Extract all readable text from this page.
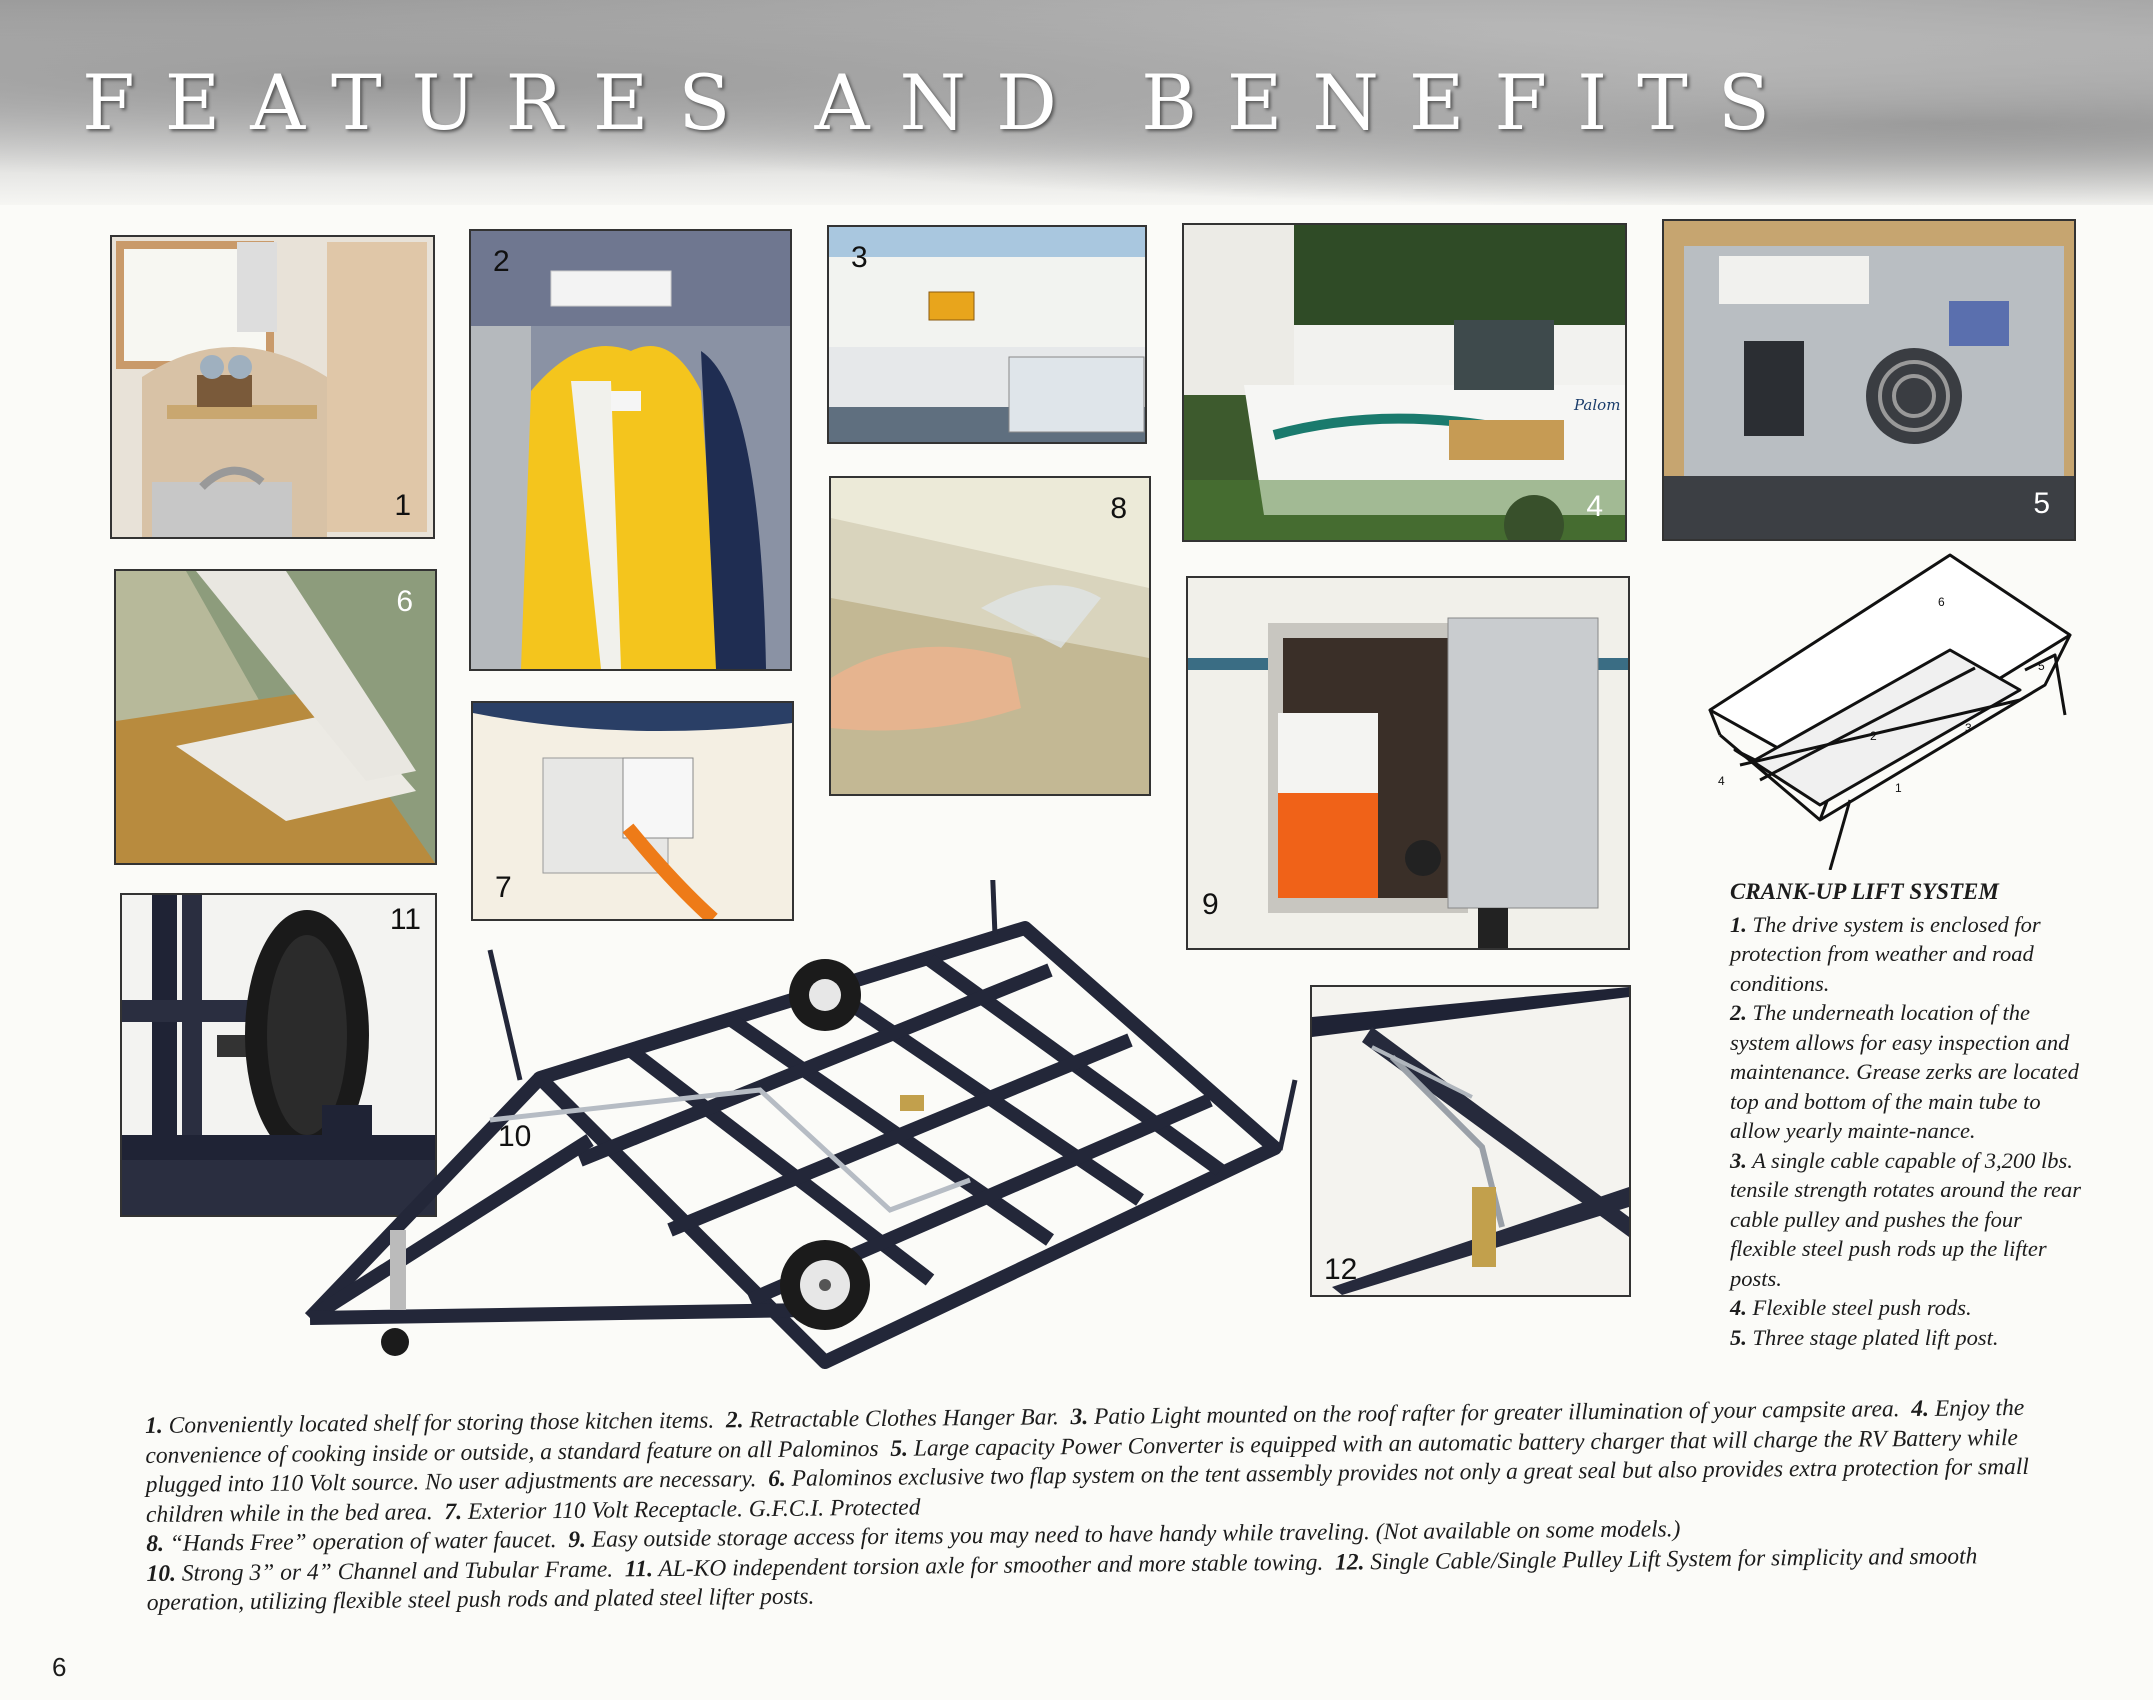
FEATURES AND BENEFITS
1
2	3
Palom
4	5
6
7
8
9
11
12
10
1
2
3
4
5
6
CRANK-UP LIFT SYSTEM

1. The drive system is enclosed for protection from weather and road conditions.

2. The underneath location of the system allows for easy inspection and maintenance. Grease zerks are located top and bottom of the main tube to allow yearly mainte-nance.

3. A single cable capable of 3,200 lbs. tensile strength rotates around the rear cable pulley and pushes the four flexible steel push rods up the lifter posts.

4. Flexible steel push rods.

5. Three stage plated lift post.

1. Conveniently located shelf for storing those kitchen items. 2. Retractable Clothes Hanger Bar. 3. Patio Light mounted on the roof rafter for greater illumination of your campsite area. 4. Enjoy the convenience of cooking inside or outside, a standard feature on all Palominos 5. Large capacity Power Converter is equipped with an automatic battery charger that will charge the RV Battery while plugged into 110 Volt source. No user adjustments are necessary. 6. Palominos exclusive two flap system on the tent assembly provides not only a great seal but also provides extra protection for small children while in the bed area. 7. Exterior 110 Volt Receptacle. G.F.C.I. Protected
8. “Hands Free” operation of water faucet. 9. Easy outside storage access for items you may need to have handy while traveling. (Not available on some models.)
10. Strong 3” or 4” Channel and Tubular Frame. 11. AL-KO independent torsion axle for smoother and more stable towing. 12. Single Cable/Single Pulley Lift System for simplicity and smooth operation, utilizing flexible steel push rods and plated steel lifter posts.
6
